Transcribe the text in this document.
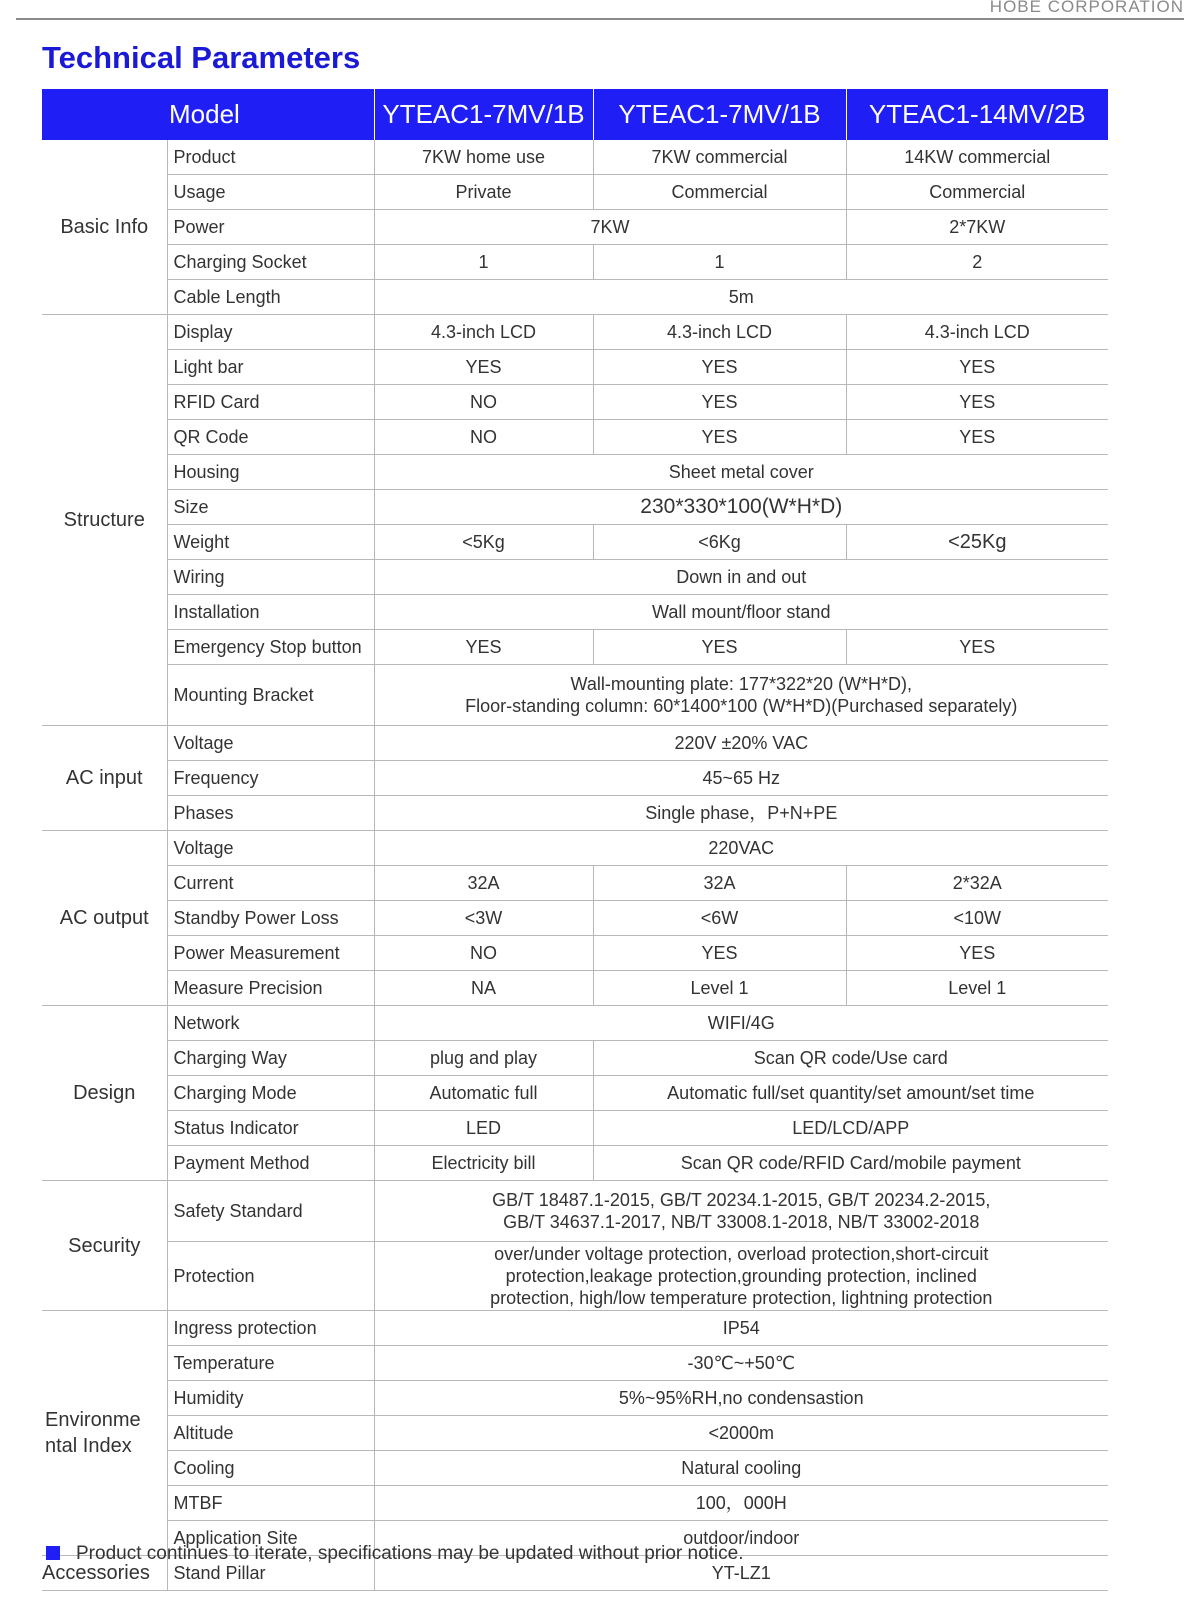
HOBE CORPORATION
Technical Parameters
Model		YTEAC1-7MV/1B	YTEAC1-7MV/1B	YTEAC1-14MV/2B
Basic Info	Product	7KW home use	7KW commercial	14KW commercial
	Usage	Private	Commercial	Commercial
	Power	7KW		2*7KW
	Charging Socket	1	1	2
	Cable Length	5m		
Structure	Display	4.3-inch LCD	4.3-inch LCD	4.3-inch LCD
	Light bar	YES	YES	YES
	RFID Card	NO	YES	YES
	QR Code	NO	YES	YES
	Housing	Sheet metal cover		
	Size	230*330*100(W*H*D)		
	Weight	<5Kg	<6Kg	<25Kg
	Wiring	Down in and out		
	Installation	Wall mount/floor stand		
	Emergency Stop button	YES	YES	YES
	Mounting Bracket	Wall-mounting plate: 177*322*20 (W*H*D),
Floor-standing column: 60*1400*100 (W*H*D)(Purchased separately)		

AC input	Voltage	220V ±20% VAC		
	Frequency	45~65 Hz		
	Phases	Single phase，P+N+PE		
AC output	Voltage	220VAC		
	Current	32A	32A	2*32A
	Standby Power Loss	<3W	<6W	<10W
	Power Measurement	NO	YES	YES
	Measure Precision	NA	Level 1	Level 1
Design	Network	WIFI/4G		
	Charging Way	plug and play	Scan QR code/Use card	
	Charging Mode	Automatic full	Automatic full/set quantity/set amount/set time	
	Status Indicator	LED	LED/LCD/APP	
	Payment Method	Electricity bill	Scan QR code/RFID Card/mobile payment	
Security	Safety Standard	GB/T 18487.1-2015, GB/T 20234.1-2015, GB/T 20234.2-2015,
GB/T 34637.1-2017, NB/T 33008.1-2018, NB/T 33002-2018		

	Protection	over/under voltage protection, overload protection,short-circuit
protection,leakage protection,grounding protection, inclined
protection, high/low temperature protection, lightning protection		

Environme
ntal Index	Ingress protection	IP54		
	Temperature	-30℃~+50℃		
	Humidity	5%~95%RH,no condensastion		
	Altitude	<2000m		
	Cooling	Natural cooling		
	MTBF	100，000H		
	Application Site	outdoor/indoor		
Accessories	Stand Pillar	YT-LZ1		
Product continues to iterate, specifications may be updated without prior notice.
